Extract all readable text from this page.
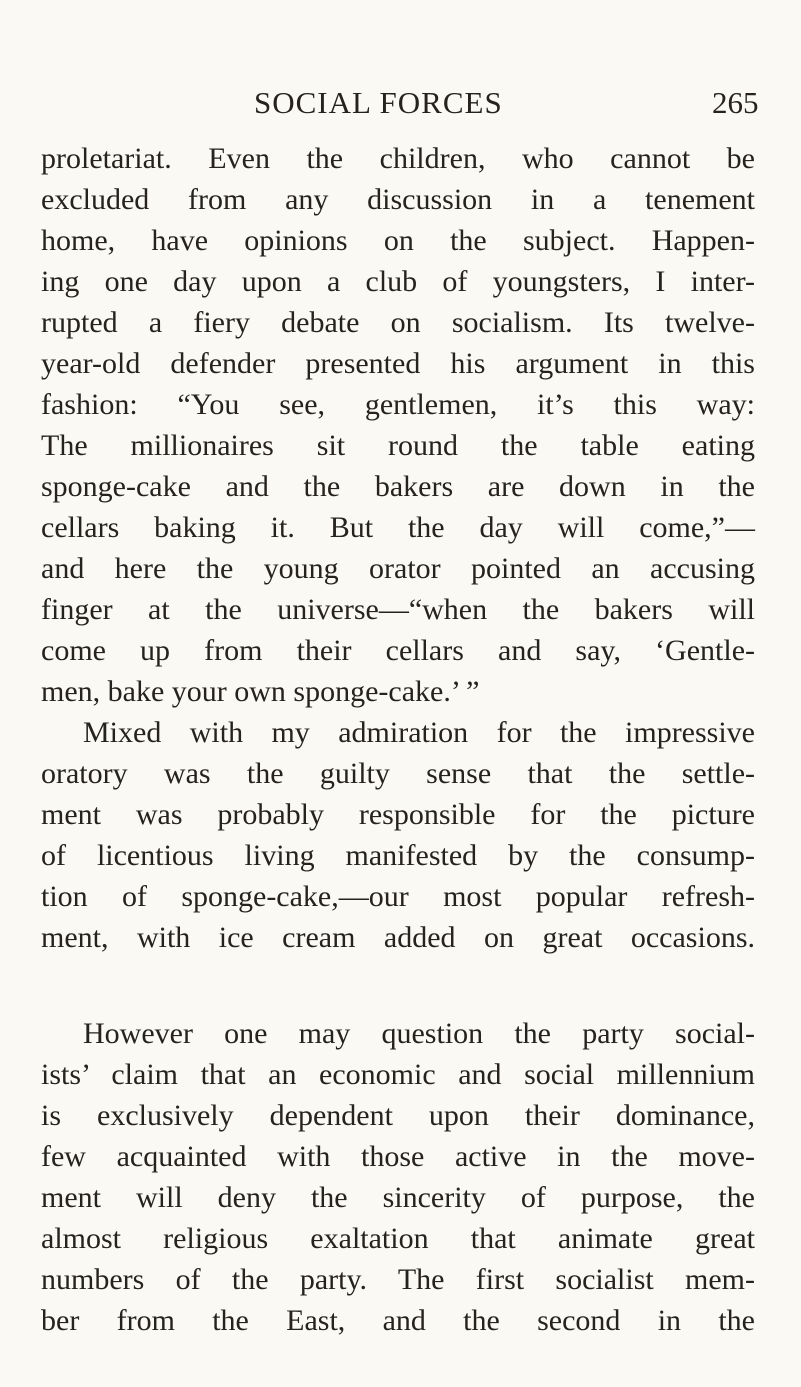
SOCIAL FORCES	265
proletariat. Even the children, who cannot be
excluded from any discussion in a tenement
home, have opinions on the subject. Happen-
ing one day upon a club of youngsters, I inter-
rupted a fiery debate on socialism. Its twelve-
year-old defender presented his argument in this
fashion: “You see, gentlemen, it’s this way:
The millionaires sit round the table eating
sponge-cake and the bakers are down in the
cellars baking it. But the day will come,”—
and here the young orator pointed an accusing
finger at the universe—“when the bakers will
come up from their cellars and say, ‘Gentle-
men, bake your own sponge-cake.’ ”
Mixed with my admiration for the impressive
oratory was the guilty sense that the settle-
ment was probably responsible for the picture
of licentious living manifested by the consump-
tion of sponge-cake,—our most popular refresh-
ment, with ice cream added on great occasions.
However one may question the party social-
ists’ claim that an economic and social millennium
is exclusively dependent upon their dominance,
few acquainted with those active in the move-
ment will deny the sincerity of purpose, the
almost religious exaltation that animate great
numbers of the party. The first socialist mem-
ber from the East, and the second in the
